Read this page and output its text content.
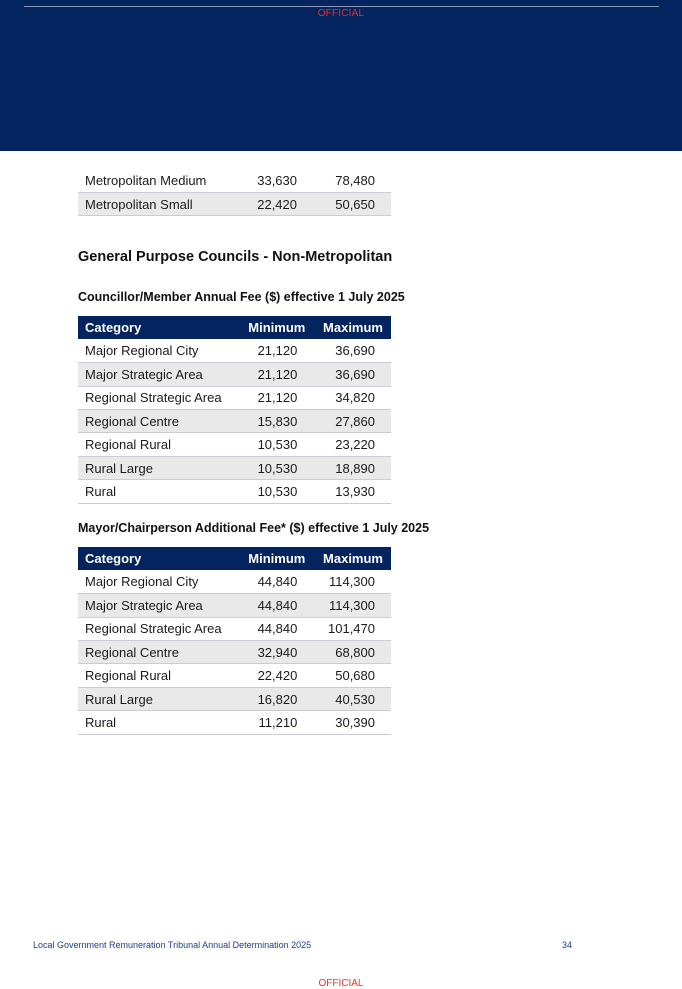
OFFICIAL
Metropolitan Medium	33,630	78,480
Metropolitan Small	22,420	50,650
General Purpose Councils - Non-Metropolitan
Councillor/Member Annual Fee ($) effective 1 July 2025
Category	Minimum	Maximum
Major Regional City	21,120	36,690
Major Strategic Area	21,120	36,690
Regional Strategic Area	21,120	34,820
Regional Centre	15,830	27,860
Regional Rural	10,530	23,220
Rural Large	10,530	18,890
Rural	10,530	13,930
Mayor/Chairperson Additional Fee* ($) effective 1 July 2025
Category	Minimum	Maximum
Major Regional City	44,840	114,300
Major Strategic Area	44,840	114,300
Regional Strategic Area	44,840	101,470
Regional Centre	32,940	68,800
Regional Rural	22,420	50,680
Rural Large	16,820	40,530
Rural	11,210	30,390
Local Government Remuneration Tribunal Annual Determination 2025	34
OFFICIAL
